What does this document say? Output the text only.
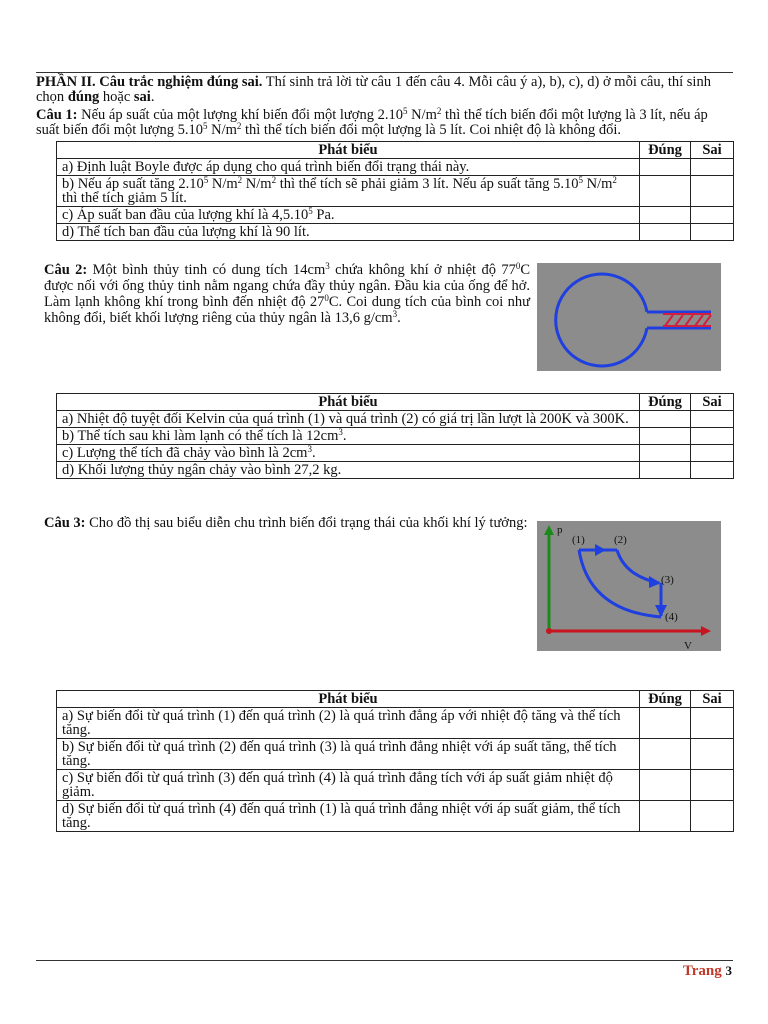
PHẦN II. Câu trắc nghiệm đúng sai. Thí sinh trả lời từ câu 1 đến câu 4. Mỗi câu ý a), b), c), d) ở mỗi câu, thí sinh chọn đúng hoặc sai.

Câu 1: Nếu áp suất của một lượng khí biến đổi một lượng 2.10$^5$ $N/m^2$ thì thể tích biến đổi một lượng là 3 lít, nếu áp suất biến đổi một lượng 5.10$^5$ $N/m^2$ thì thể tích biến đổi một lượng là 5 lít. Coi nhiệt độ là không đổi.

Phát biểu	Đúng	Sai
a) Định luật Boyle được áp dụng cho quá trình biến đổi trạng thái này.		
b) Nếu áp suất tăng 2.10$^5$ $N/m^2$ $N/m^2$ thì thể tích sẽ phải giảm 3 lít. Nếu áp suất tăng 5.10$^5$ $N/m^2$ thì thể tích giảm 5 lít.		
c) Áp suất ban đầu của lượng khí là 4,5.10$^5$ Pa.		
d) Thể tích ban đầu của lượng khí là 90 lít.		

Câu 2: Một bình thủy tinh có dung tích $14cm^3$ chứa không khí ở nhiệt độ $77^0C$ được nối với ống thủy tinh nằm ngang chứa đầy thủy ngân. Đầu kia của ống để hở. Làm lạnh không khí trong bình đến nhiệt độ $27^0C$. Coi dung tích của bình coi như không đổi, biết khối lượng riêng của thủy ngân là 13,6 $g/cm^3$.

Phát biểu	Đúng	Sai
a) Nhiệt độ tuyệt đối Kelvin của quá trình (1) và quá trình (2) có giá trị lần lượt là 200K và 300K.		
b) Thể tích sau khi làm lạnh có thể tích là $12cm^3$.		
c) Lượng thể tích đã chảy vào bình là $2cm^3$.		
d) Khối lượng thủy ngân chảy vào bình 27,2 kg.		

Câu 3: Cho đồ thị sau biểu diễn chu trình biến đổi trạng thái của khối khí lý tưởng:	p
V
(1)	(2)
(3)
(4)
Phát biểu	Đúng	Sai
a) Sự biến đổi từ quá trình (1) đến quá trình (2) là quá trình đẳng áp với nhiệt độ tăng và thể tích tăng.		
b) Sự biến đổi từ quá trình (2) đến quá trình (3) là quá trình đẳng nhiệt với áp suất tăng, thể tích tăng.		
c) Sự biến đổi từ quá trình (3) đến quá trình (4) là quá trình đẳng tích với áp suất giảm nhiệt độ giảm.		
d) Sự biến đổi từ quá trình (4) đến quá trình (1) là quá trình đẳng nhiệt với áp suất giảm, thể tích tăng.		
Trang 3
